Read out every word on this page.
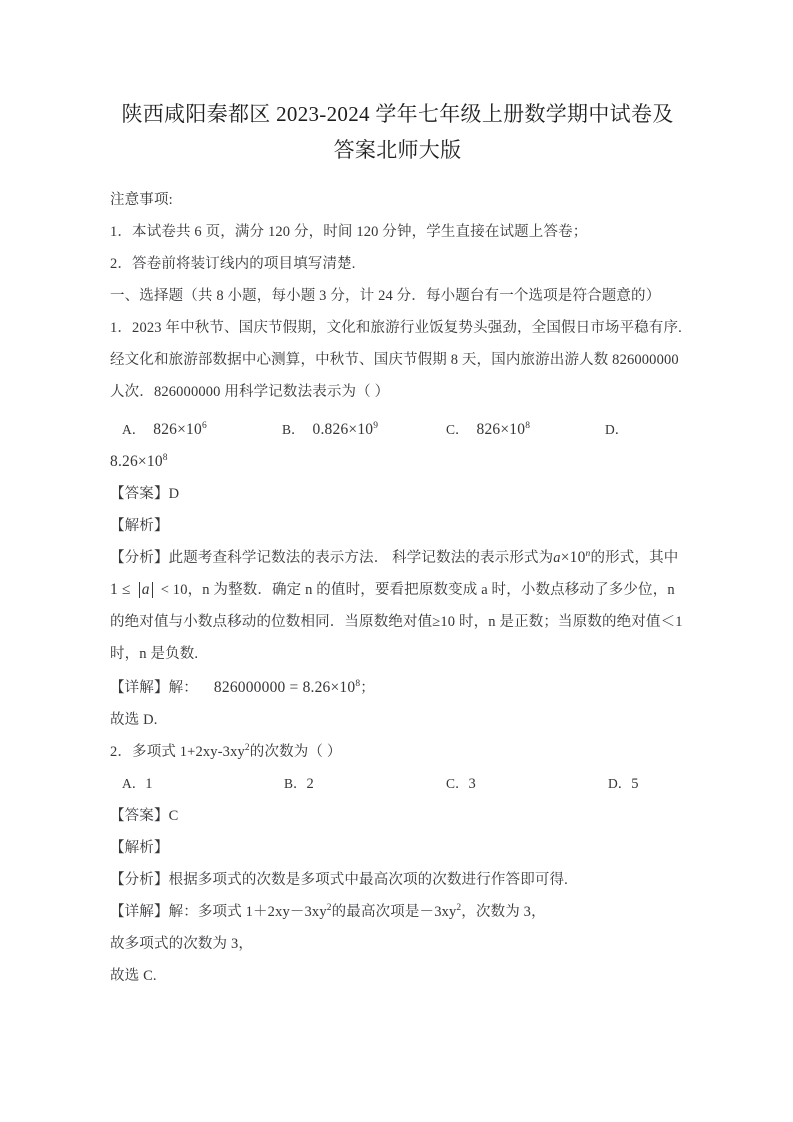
陕西咸阳秦都区 2023-2024 学年七年级上册数学期中试卷及
答案北师大版

注意事项:

1．本试卷共 6 页，满分 120 分，时间 120 分钟，学生直接在试题上答卷；

2．答卷前将装订线内的项目填写清楚.

一、选择题（共 8 小题，每小题 3 分，计 24 分．每小题台有一个选项是符合题意的）

1．2023 年中秋节、国庆节假期，文化和旅游行业饭复势头强劲，全国假日市场平稳有序.

经文化和旅游部数据中心测算，中秋节、国庆节假期 8 天，国内旅游出游人数 826000000

人次．826000000 用科学记数法表示为（ ）

A． $826\times 10^6$	B． $0.826\times 10^9$	C． $826\times 10^8$	D．

$8.26\times 10^8$

【答案】D

【解析】

【分析】此题考查科学记数法的表示方法． 科学记数法的表示形式为$a\times 10^n$的形式，其中

1 ≤ a < 10，n 为整数．确定 n 的值时，要看把原数变成 a 时，小数点移动了多少位，n

的绝对值与小数点移动的位数相同．当原数绝对值≥10 时，n 是正数；当原数的绝对值＜1

时，n 是负数.

【详解】解： $826000000 = 8.26\times 10^8$；

故选 D.

2．多项式 $1+2xy‑3xy^2$的次数为（ ）

A．1	B．2	C．3	D．5

【答案】C

【解析】

【分析】根据多项式的次数是多项式中最高次项的次数进行作答即可得.

【详解】解：多项式 $1+2xy-3xy^2$的最高次项是$-3xy^2$，次数为 3，

故多项式的次数为 3，

故选 C.
